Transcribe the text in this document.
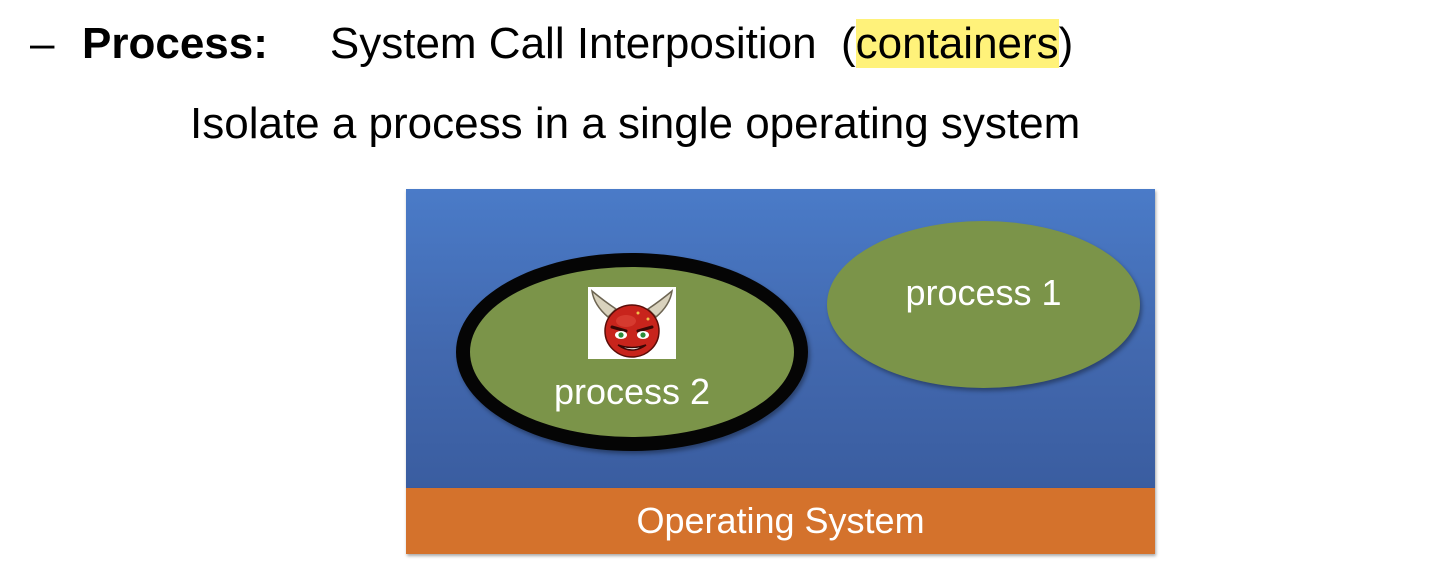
– Process: System Call Interposition (containers)
Isolate a process in a single operating system
process 1
process 2
Operating System
